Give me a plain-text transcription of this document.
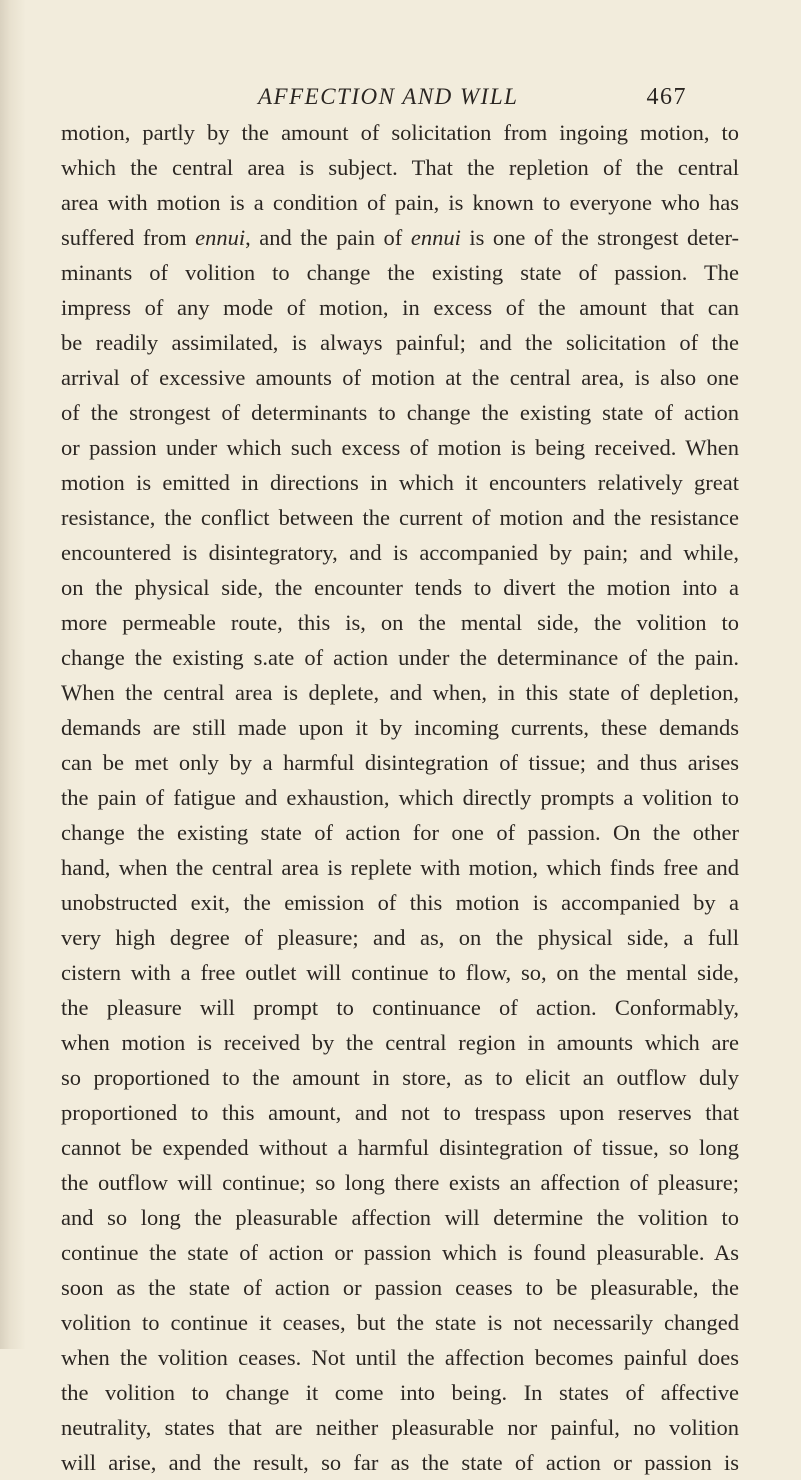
AFFECTION AND WILL	467
motion, partly by the amount of solicitation from ingoing motion, to
which the central area is subject. That the repletion of the central
area with motion is a condition of pain, is known to everyone who has
suffered from ennui, and the pain of ennui is one of the strongest deter-
minants of volition to change the existing state of passion. The
impress of any mode of motion, in excess of the amount that can
be readily assimilated, is always painful; and the solicitation of the
arrival of excessive amounts of motion at the central area, is also one
of the strongest of determinants to change the existing state of action
or passion under which such excess of motion is being received. When
motion is emitted in directions in which it encounters relatively great
resistance, the conflict between the current of motion and the resistance
encountered is disintegratory, and is accompanied by pain; and while,
on the physical side, the encounter tends to divert the motion into a
more permeable route, this is, on the mental side, the volition to
change the existing s.ate of action under the determinance of the pain.
When the central area is deplete, and when, in this state of depletion,
demands are still made upon it by incoming currents, these demands
can be met only by a harmful disintegration of tissue; and thus arises
the pain of fatigue and exhaustion, which directly prompts a volition to
change the existing state of action for one of passion. On the other
hand, when the central area is replete with motion, which finds free and
unobstructed exit, the emission of this motion is accompanied by a
very high degree of pleasure; and as, on the physical side, a full
cistern with a free outlet will continue to flow, so, on the mental side,
the pleasure will prompt to continuance of action. Conformably,
when motion is received by the central region in amounts which are
so proportioned to the amount in store, as to elicit an outflow duly
proportioned to this amount, and not to trespass upon reserves that
cannot be expended without a harmful disintegration of tissue, so long
the outflow will continue; so long there exists an affection of pleasure;
and so long the pleasurable affection will determine the volition to
continue the state of action or passion which is found pleasurable. As
soon as the state of action or passion ceases to be pleasurable, the
volition to continue it ceases, but the state is not necessarily changed
when the volition ceases. Not until the affection becomes painful does
the volition to change it come into being. In states of affective
neutrality, states that are neither pleasurable nor painful, no volition
will arise, and the result, so far as the state of action or passion is
